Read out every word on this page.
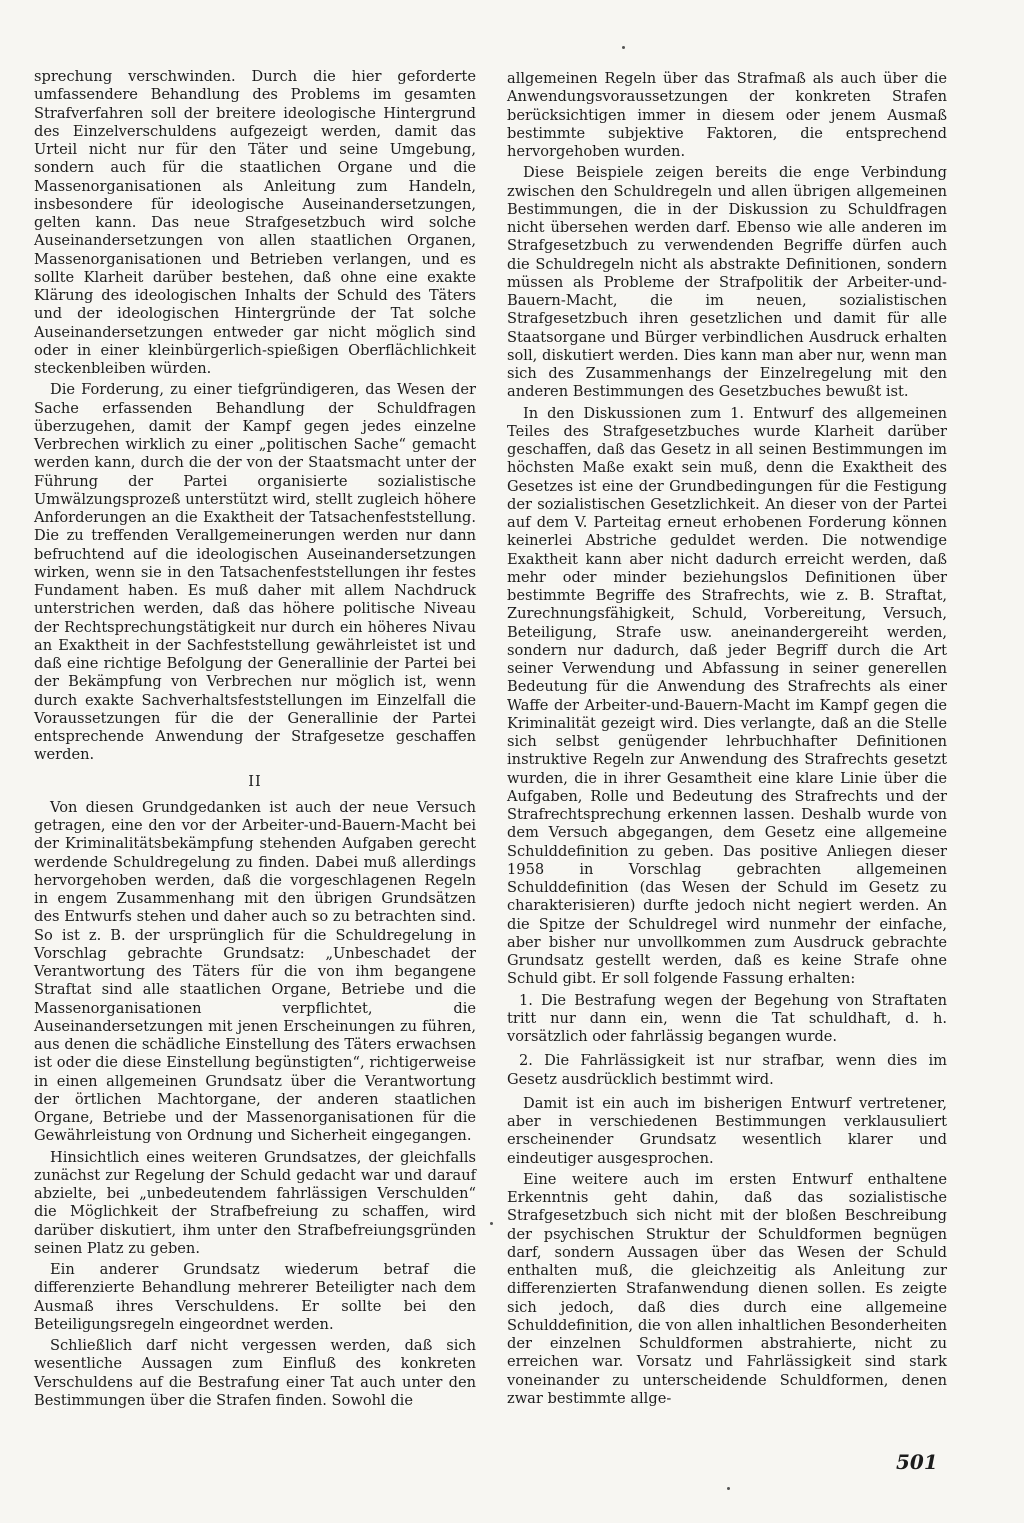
sprechung verschwinden. Durch die hier geforderte umfassendere Behandlung des Problems im gesamten Strafverfahren soll der breitere ideologische Hintergrund des Einzelverschuldens aufgezeigt werden, damit das Urteil nicht nur für den Täter und seine Umgebung, sondern auch für die staatlichen Organe und die Massenorganisationen als Anleitung zum Handeln, insbesondere für ideologische Auseinandersetzungen, gelten kann. Das neue Strafgesetzbuch wird solche Auseinandersetzungen von allen staatlichen Organen, Massenorganisationen und Betrieben verlangen, und es sollte Klarheit darüber bestehen, daß ohne eine exakte Klärung des ideologischen Inhalts der Schuld des Täters und der ideologischen Hintergründe der Tat solche Auseinandersetzungen entweder gar nicht möglich sind oder in einer kleinbürgerlich-spießigen Oberflächlichkeit steckenbleiben würden.

Die Forderung, zu einer tiefgründigeren, das Wesen der Sache erfassenden Behandlung der Schuldfragen überzugehen, damit der Kampf gegen jedes einzelne Verbrechen wirklich zu einer „politischen Sache“ gemacht werden kann, durch die der von der Staatsmacht unter der Führung der Partei organisierte sozialistische Umwälzungsprozeß unterstützt wird, stellt zugleich höhere Anforderungen an die Exaktheit der Tatsachenfeststellung. Die zu treffenden Verallgemeinerungen werden nur dann befruchtend auf die ideologischen Auseinandersetzungen wirken, wenn sie in den Tatsachenfeststellungen ihr festes Fundament haben. Es muß daher mit allem Nachdruck unterstrichen werden, daß das höhere politische Niveau der Rechtsprechungstätigkeit nur durch ein höheres Nivau an Exaktheit in der Sachfeststellung gewährleistet ist und daß eine richtige Befolgung der Generallinie der Partei bei der Bekämpfung von Verbrechen nur möglich ist, wenn durch exakte Sachverhaltsfeststellungen im Einzelfall die Voraussetzungen für die der Generallinie der Partei entsprechende Anwendung der Strafgesetze geschaffen werden.

II

Von diesen Grundgedanken ist auch der neue Versuch getragen, eine den vor der Arbeiter-und-Bauern-Macht bei der Kriminalitätsbekämpfung stehenden Aufgaben gerecht werdende Schuldregelung zu finden. Dabei muß allerdings hervorgehoben werden, daß die vorgeschlagenen Regeln in engem Zusammenhang mit den übrigen Grundsätzen des Entwurfs stehen und daher auch so zu betrachten sind. So ist z. B. der ursprünglich für die Schuldregelung in Vorschlag gebrachte Grundsatz: „Unbeschadet der Verantwortung des Täters für die von ihm begangene Straftat sind alle staatlichen Organe, Betriebe und die Massenorganisationen verpflichtet, die Auseinandersetzungen mit jenen Erscheinungen zu führen, aus denen die schädliche Einstellung des Täters erwachsen ist oder die diese Einstellung begünstigten“, richtigerweise in einen allgemeinen Grundsatz über die Verantwortung der örtlichen Machtorgane, der anderen staatlichen Organe, Betriebe und der Massenorganisationen für die Gewährleistung von Ordnung und Sicherheit eingegangen.

Hinsichtlich eines weiteren Grundsatzes, der gleichfalls zunächst zur Regelung der Schuld gedacht war und darauf abzielte, bei „unbedeutendem fahrlässigen Verschulden“ die Möglichkeit der Strafbefreiung zu schaffen, wird darüber diskutiert, ihm unter den Strafbefreiungsgründen seinen Platz zu geben.

Ein anderer Grundsatz wiederum betraf die differenzierte Behandlung mehrerer Beteiligter nach dem Ausmaß ihres Verschuldens. Er sollte bei den Beteiligungsregeln eingeordnet werden.

Schließlich darf nicht vergessen werden, daß sich wesentliche Aussagen zum Einfluß des konkreten Verschuldens auf die Bestrafung einer Tat auch unter den Bestimmungen über die Strafen finden. Sowohl die

allgemeinen Regeln über das Strafmaß als auch über die Anwendungsvoraussetzungen der konkreten Strafen berücksichtigen immer in diesem oder jenem Ausmaß bestimmte subjektive Faktoren, die entsprechend hervorgehoben wurden.

Diese Beispiele zeigen bereits die enge Verbindung zwischen den Schuldregeln und allen übrigen allgemeinen Bestimmungen, die in der Diskussion zu Schuldfragen nicht übersehen werden darf. Ebenso wie alle anderen im Strafgesetzbuch zu verwendenden Begriffe dürfen auch die Schuldregeln nicht als abstrakte Definitionen, sondern müssen als Probleme der Strafpolitik der Arbeiter-und-Bauern-Macht, die im neuen, sozialistischen Strafgesetzbuch ihren gesetzlichen und damit für alle Staatsorgane und Bürger verbindlichen Ausdruck erhalten soll, diskutiert werden. Dies kann man aber nur, wenn man sich des Zusammenhangs der Einzelregelung mit den anderen Bestimmungen des Gesetzbuches bewußt ist.

In den Diskussionen zum 1. Entwurf des allgemeinen Teiles des Strafgesetzbuches wurde Klarheit darüber geschaffen, daß das Gesetz in all seinen Bestimmungen im höchsten Maße exakt sein muß, denn die Exaktheit des Gesetzes ist eine der Grundbedingungen für die Festigung der sozialistischen Gesetzlichkeit. An dieser von der Partei auf dem V. Parteitag erneut erhobenen Forderung können keinerlei Abstriche geduldet werden. Die notwendige Exaktheit kann aber nicht dadurch erreicht werden, daß mehr oder minder beziehungslos Definitionen über bestimmte Begriffe des Strafrechts, wie z. B. Straftat, Zurechnungsfähigkeit, Schuld, Vorbereitung, Versuch, Beteiligung, Strafe usw. aneinandergereiht werden, sondern nur dadurch, daß jeder Begriff durch die Art seiner Verwendung und Abfassung in seiner generellen Bedeutung für die Anwendung des Strafrechts als einer Waffe der Arbeiter-und-Bauern-Macht im Kampf gegen die Kriminalität gezeigt wird. Dies verlangte, daß an die Stelle sich selbst genügender lehrbuchhafter Definitionen instruktive Regeln zur Anwendung des Strafrechts gesetzt wurden, die in ihrer Gesamtheit eine klare Linie über die Aufgaben, Rolle und Bedeutung des Strafrechts und der Strafrechtsprechung erkennen lassen. Deshalb wurde von dem Versuch abgegangen, dem Gesetz eine allgemeine Schulddefinition zu geben. Das positive Anliegen dieser 1958 in Vorschlag gebrachten allgemeinen Schulddefinition (das Wesen der Schuld im Gesetz zu charakterisieren) durfte jedoch nicht negiert werden. An die Spitze der Schuldregel wird nunmehr der einfache, aber bisher nur unvollkommen zum Ausdruck gebrachte Grundsatz gestellt werden, daß es keine Strafe ohne Schuld gibt. Er soll folgende Fassung erhalten:

1. Die Bestrafung wegen der Begehung von Straftaten tritt nur dann ein, wenn die Tat schuldhaft, d. h. vorsätzlich oder fahrlässig begangen wurde.

2. Die Fahrlässigkeit ist nur strafbar, wenn dies im Gesetz ausdrücklich bestimmt wird.

Damit ist ein auch im bisherigen Entwurf vertretener, aber in verschiedenen Bestimmungen verklausuliert erscheinender Grundsatz wesentlich klarer und eindeutiger ausgesprochen.

Eine weitere auch im ersten Entwurf enthaltene Erkenntnis geht dahin, daß das sozialistische Strafgesetzbuch sich nicht mit der bloßen Beschreibung der psychischen Struktur der Schuldformen begnügen darf, sondern Aussagen über das Wesen der Schuld enthalten muß, die gleichzeitig als Anleitung zur differenzierten Strafanwendung dienen sollen. Es zeigte sich jedoch, daß dies durch eine allgemeine Schulddefinition, die von allen inhaltlichen Besonderheiten der einzelnen Schuldformen abstrahierte, nicht zu erreichen war. Vorsatz und Fahrlässigkeit sind stark voneinander zu unterscheidende Schuldformen, denen zwar bestimmte allge-

501
